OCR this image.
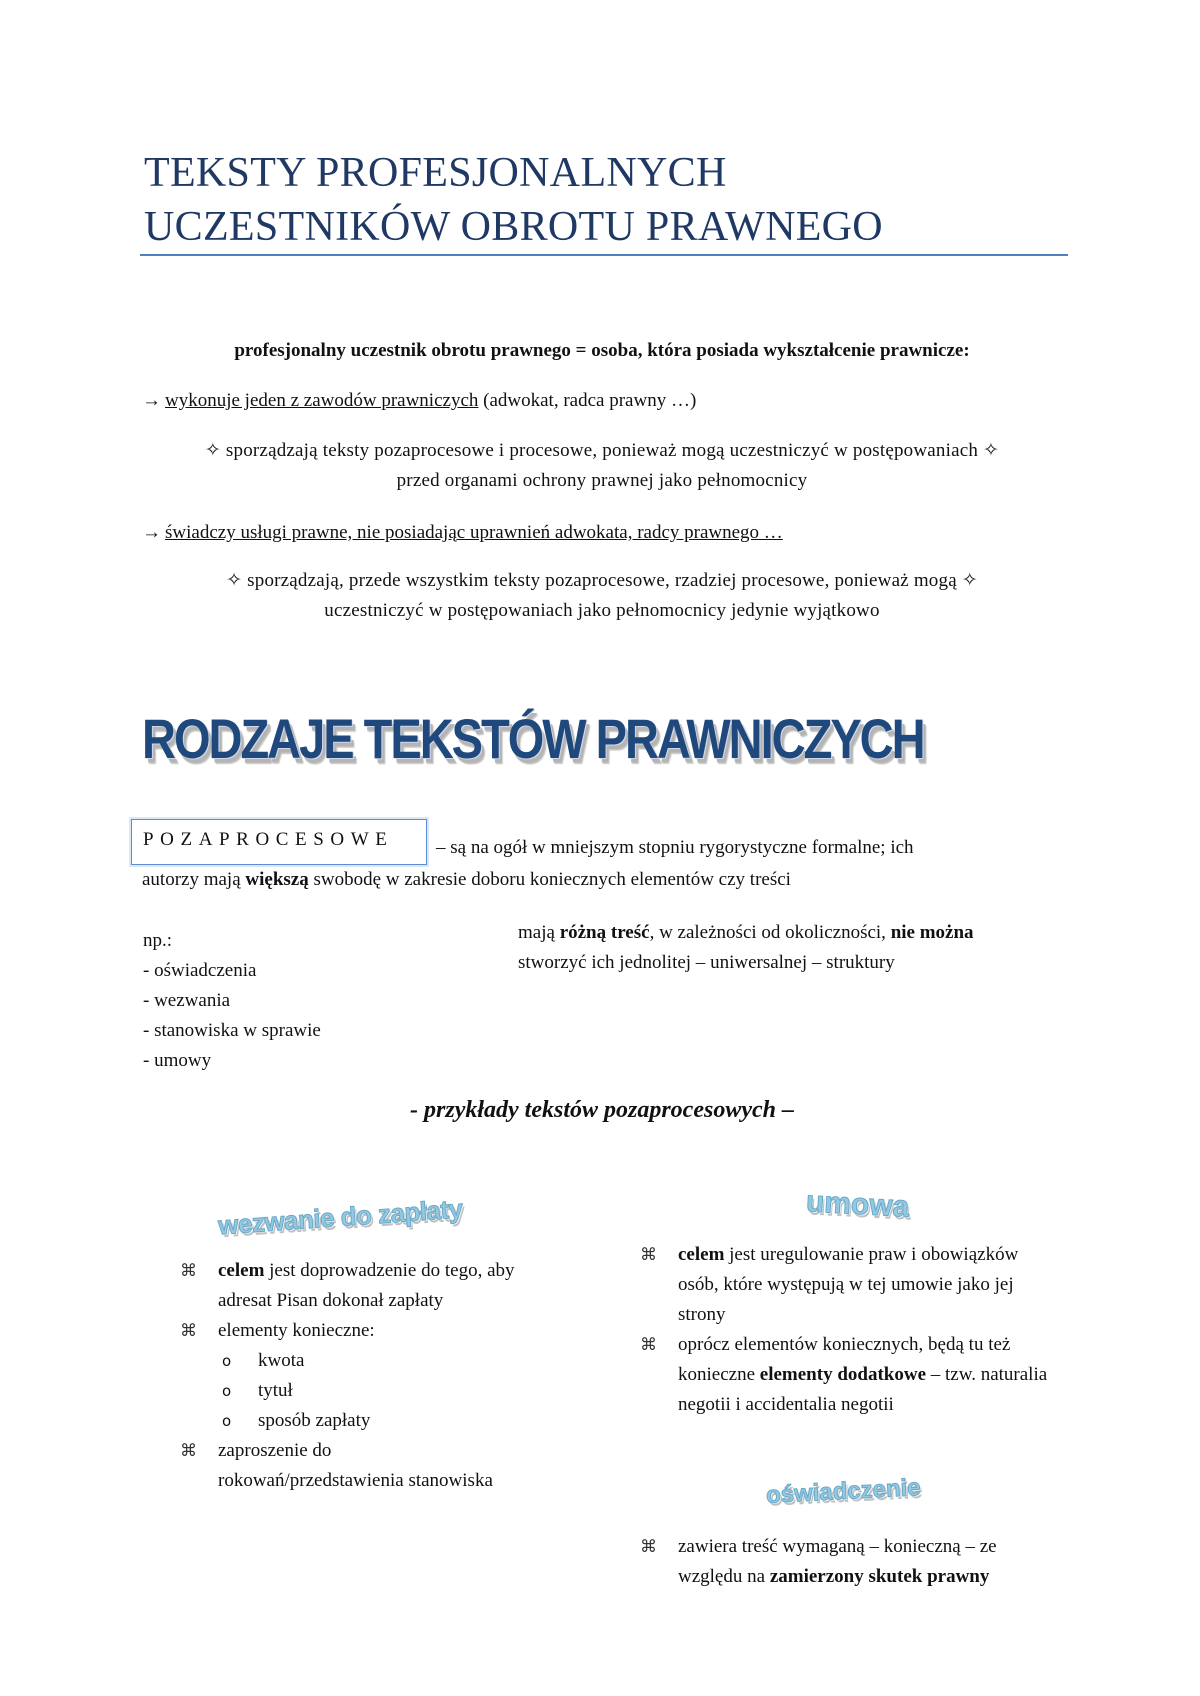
TEKSTY PROFESJONALNYCH
UCZESTNIKÓW OBROTU PRAWNEGO
profesjonalny uczestnik obrotu prawnego = osoba, która posiada wykształcenie prawnicze:
→ wykonuje jeden z zawodów prawniczych (adwokat, radca prawny …)
✧ sporządzają teksty pozaprocesowe i procesowe, ponieważ mogą uczestniczyć w postępowaniach ✧
przed organami ochrony prawnej jako pełnomocnicy
→ świadczy usługi prawne, nie posiadając uprawnień adwokata, radcy prawnego …
✧ sporządzają, przede wszystkim teksty pozaprocesowe, rzadziej procesowe, ponieważ mogą ✧
uczestniczyć w postępowaniach jako pełnomocnicy jedynie wyjątkowo
RODZAJE TEKSTÓW PRAWNICZYCH
POZAPROCESOWE – są na ogół w mniejszym stopniu rygorystyczne formalne; ich
autorzy mają większą swobodę w zakresie doboru koniecznych elementów czy treści
np.:
- oświadczenia
- wezwania
- stanowiska w sprawie
- umowy
mają różną treść, w zależności od okoliczności, nie można
stworzyć ich jednolitej – uniwersalnej – struktury
- przykłady tekstów pozaprocesowych –
wezwanie do zapłaty
⌘ celem jest doprowadzenie do tego, aby
adresat Pisan dokonał zapłaty
⌘ elementy konieczne:
o kwota
o tytuł
o sposób zapłaty
⌘ zaproszenie do
rokowań/przedstawienia stanowiska
umowa
⌘ celem jest uregulowanie praw i obowiązków
osób, które występują w tej umowie jako jej
strony
⌘ oprócz elementów koniecznych, będą tu też
konieczne elementy dodatkowe – tzw. naturalia
negotii i accidentalia negotii
oświadczenie
⌘ zawiera treść wymaganą – konieczną – ze
względu na zamierzony skutek prawny
